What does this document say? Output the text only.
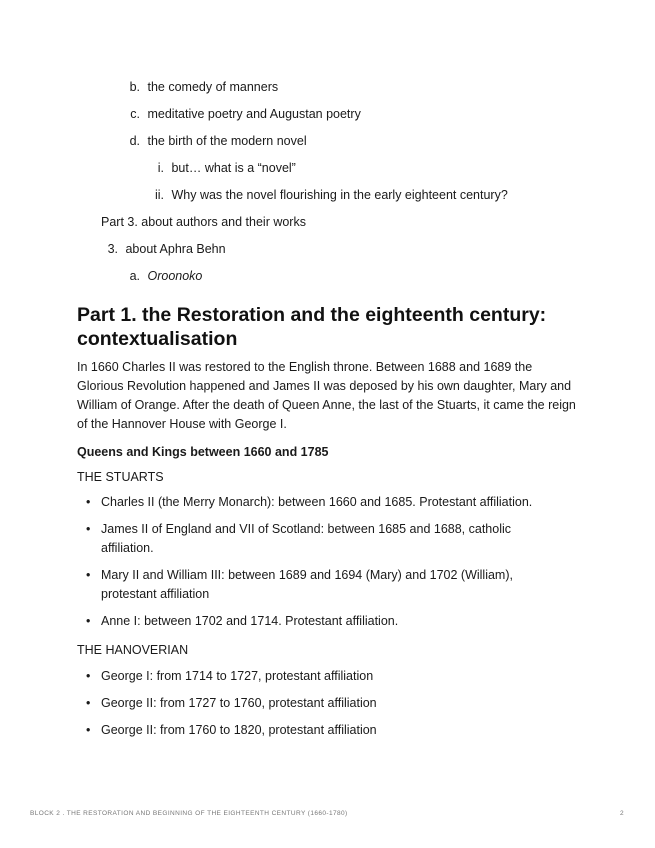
b. the comedy of manners
c. meditative poetry and Augustan poetry
d. the birth of the modern novel
i. but… what is a “novel”
ii. Why was the novel flourishing in the early eighteent century?
Part 3. about authors and their works
3. about Aphra Behn
a. Oroonoko
Part 1. the Restoration and the eighteenth century: contextualisation

In 1660 Charles II was restored to the English throne. Between 1688 and 1689 the Glorious Revolution happened and James II was deposed by his own daughter, Mary and William of Orange. After the death of Queen Anne, the last of the Stuarts, it came the reign of the Hannover House with George I.

Queens and Kings between 1660 and 1785
THE STUARTS
• Charles II (the Merry Monarch): between 1660 and 1685. Protestant affiliation.
• James II of England and VII of Scotland: between 1685 and 1688, catholic affiliation.
• Mary II and William III: between 1689 and 1694 (Mary) and 1702 (William), protestant affiliation
• Anne I: between 1702 and 1714. Protestant affiliation.
THE HANOVERIAN
• George I: from 1714 to 1727, protestant affiliation
• George II: from 1727 to 1760, protestant affiliation
• George II: from 1760 to 1820, protestant affiliation
BLOCK 2 . THE RESTORATION AND BEGINNING OF THE EIGHTEENTH CENTURY (1660-1780)	2
